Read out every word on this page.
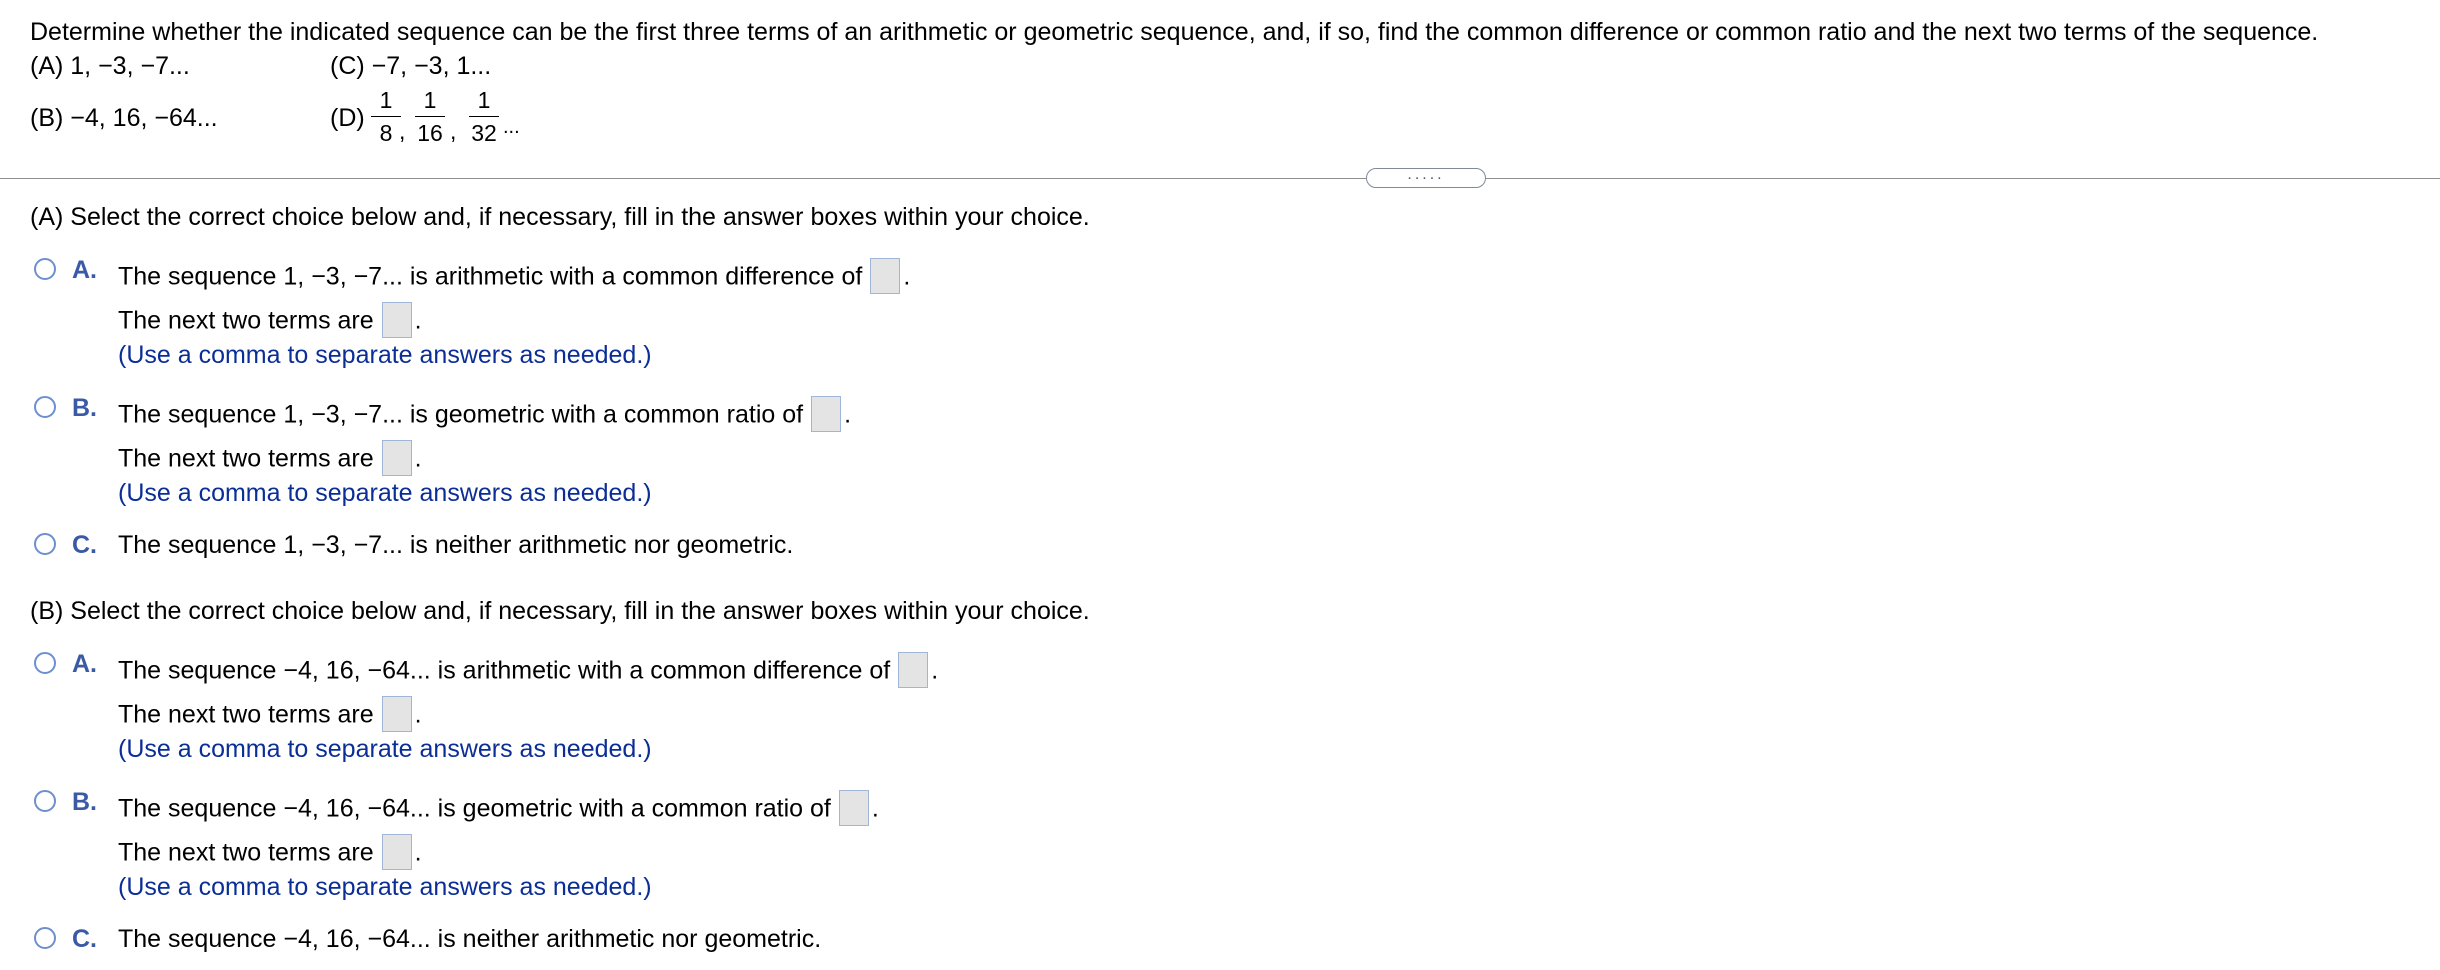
Determine whether the indicated sequence can be the first three terms of an arithmetic or geometric sequence, and, if so, find the common difference or common ratio and the next two terms of the sequence.
(A) 1, −3, −7...
(B) −4, 16, −64...
(C) −7, −3, 1...
(D)
1
8 ,
1
16 ,
1
32 ...
.....
(A) Select the correct choice below and, if necessary, fill in the answer boxes within your choice.
A. The sequence 1, −3, −7... is arithmetic with a common difference of .
The next two terms are .
(Use a comma to separate answers as needed.)
B. The sequence 1, −3, −7... is geometric with a common ratio of .
The next two terms are .
(Use a comma to separate answers as needed.)
C. The sequence 1, −3, −7... is neither arithmetic nor geometric.
(B) Select the correct choice below and, if necessary, fill in the answer boxes within your choice.
A. The sequence −4, 16, −64... is arithmetic with a common difference of .
The next two terms are .
(Use a comma to separate answers as needed.)
B. The sequence −4, 16, −64... is geometric with a common ratio of .
The next two terms are .
(Use a comma to separate answers as needed.)
C. The sequence −4, 16, −64... is neither arithmetic nor geometric.
